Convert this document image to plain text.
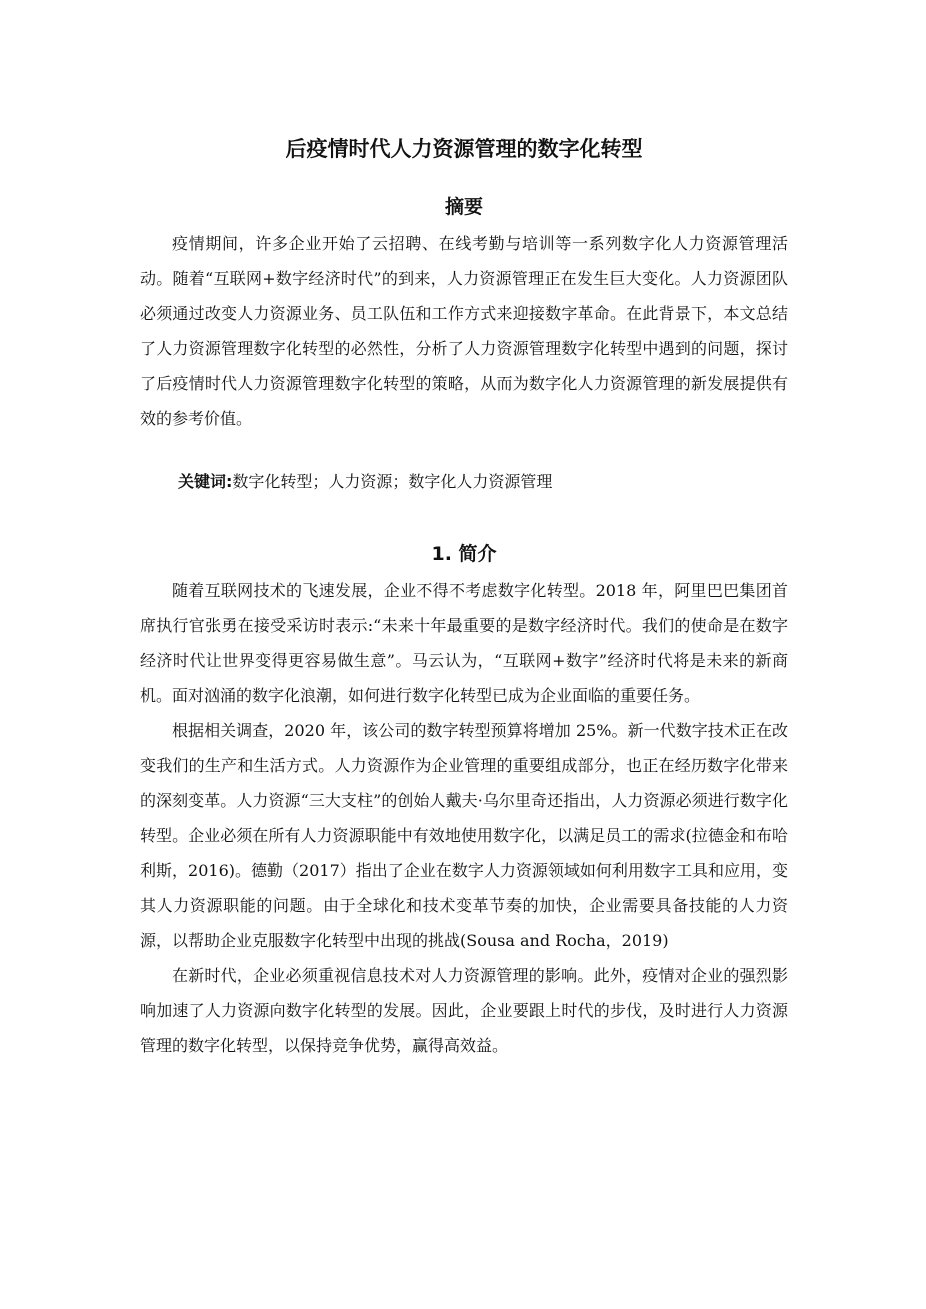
后疫情时代人力资源管理的数字化转型
摘要

疫情期间，许多企业开始了云招聘、在线考勤与培训等一系列数字化人力资源管理活动。随着“互联网+数字经济时代”的到来，人力资源管理正在发生巨大变化。人力资源团队必须通过改变人力资源业务、员工队伍和工作方式来迎接数字革命。在此背景下，本文总结了人力资源管理数字化转型的必然性，分析了人力资源管理数字化转型中遇到的问题，探讨了后疫情时代人力资源管理数字化转型的策略，从而为数字化人力资源管理的新发展提供有效的参考价值。

关键词:数字化转型；人力资源；数字化人力资源管理
1. 简介

随着互联网技术的飞速发展，企业不得不考虑数字化转型。2018 年，阿里巴巴集团首席执行官张勇在接受采访时表示:“未来十年最重要的是数字经济时代。我们的使命是在数字经济时代让世界变得更容易做生意”。马云认为，“互联网+数字”经济时代将是未来的新商机。面对汹涌的数字化浪潮，如何进行数字化转型已成为企业面临的重要任务。

根据相关调查，2020 年，该公司的数字转型预算将增加 25%。新一代数字技术正在改变我们的生产和生活方式。人力资源作为企业管理的重要组成部分，也正在经历数字化带来的深刻变革。人力资源“三大支柱”的创始人戴夫·乌尔里奇还指出，人力资源必须进行数字化转型。企业必须在所有人力资源职能中有效地使用数字化，以满足员工的需求(拉德金和布哈利斯，2016)。德勤（2017）指出了企业在数字人力资源领域如何利用数字工具和应用，变其人力资源职能的问题。由于全球化和技术变革节奏的加快，企业需要具备技能的人力资源，以帮助企业克服数字化转型中出现的挑战(Sousa and Rocha，2019)

在新时代，企业必须重视信息技术对人力资源管理的影响。此外，疫情对企业的强烈影响加速了人力资源向数字化转型的发展。因此，企业要跟上时代的步伐，及时进行人力资源管理的数字化转型，以保持竞争优势，赢得高效益。
